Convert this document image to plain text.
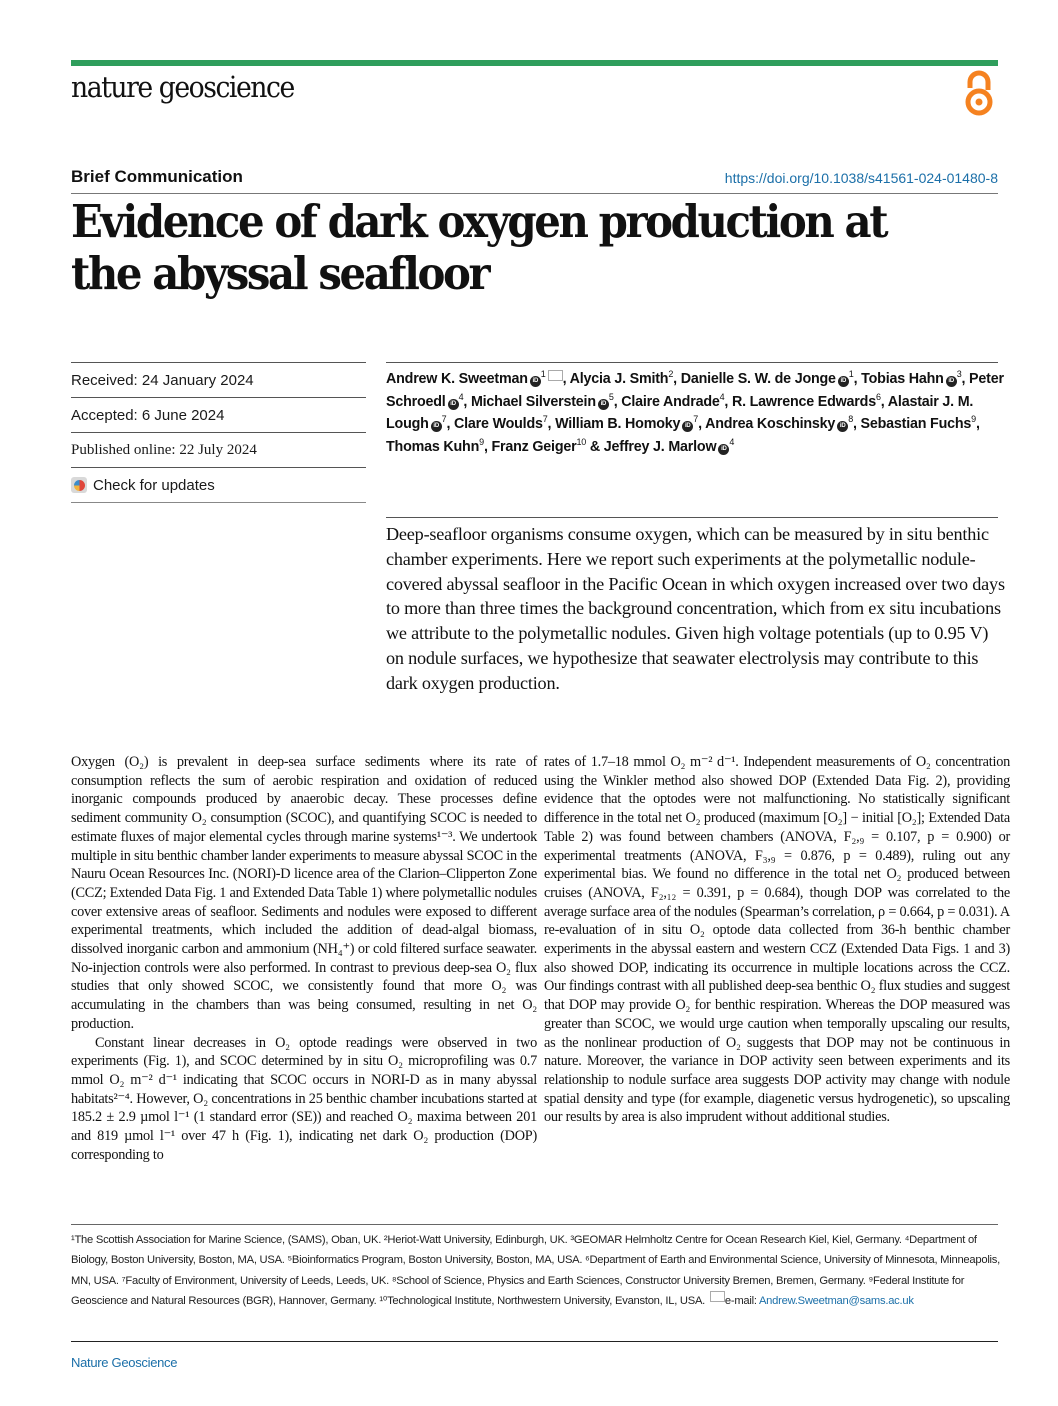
nature geoscience
Brief Communication	https://doi.org/10.1038/s41561-024-01480-8
Evidence of dark oxygen production at the abyssal seafloor
Received: 24 January 2024
Accepted: 6 June 2024
Published online: 22 July 2024
Check for updates
Andrew K. Sweetman $iD^1$ , Alycia J. Smith$^2$, Danielle S. W. de Jonge $iD^1$, Tobias Hahn $iD^3$, Peter Schroedl $iD^4$, Michael Silverstein $iD^5$, Claire Andrade$^4$, R. Lawrence Edwards$^6$, Alastair J. M. Lough $iD^7$, Clare Woulds$^7$, William B. Homoky $iD^7$, Andrea Koschinsky $iD^8$, Sebastian Fuchs$^9$, Thomas Kuhn$^9$, Franz Geiger$^{10}$ & Jeffrey J. Marlow $iD^4$
Deep-seafloor organisms consume oxygen, which can be measured by in situ benthic chamber experiments. Here we report such experiments at the polymetallic nodule-covered abyssal seafloor in the Pacific Ocean in which oxygen increased over two days to more than three times the background concentration, which from ex situ incubations we attribute to the polymetallic nodules. Given high voltage potentials (up to 0.95 V) on nodule surfaces, we hypothesize that seawater electrolysis may contribute to this dark oxygen production.

Oxygen (O₂) is prevalent in deep-sea surface sediments where its rate of consumption reflects the sum of aerobic respiration and oxidation of reduced inorganic compounds produced by anaerobic decay. These processes define sediment community O₂ consumption (SCOC), and quantifying SCOC is needed to estimate fluxes of major elemental cycles through marine systems¹⁻³. We undertook multiple in situ benthic chamber lander experiments to measure abyssal SCOC in the Nauru Ocean Resources Inc. (NORI)-D licence area of the Clarion–Clipperton Zone (CCZ; Extended Data Fig. 1 and Extended Data Table 1) where polymetallic nodules cover extensive areas of seafloor. Sediments and nodules were exposed to different experimental treatments, which included the addition of dead-algal biomass, dissolved inorganic carbon and ammonium (NH₄⁺) or cold filtered surface seawater. No-injection controls were also performed. In contrast to previous deep-sea O₂ flux studies that only showed SCOC, we consistently found that more O₂ was accumulating in the chambers than was being consumed, resulting in net O₂ production.

Constant linear decreases in O₂ optode readings were observed in two experiments (Fig. 1), and SCOC determined by in situ O₂ microprofiling was 0.7 mmol O₂ m⁻² d⁻¹ indicating that SCOC occurs in NORI-D as in many abyssal habitats²⁻⁴. However, O₂ concentrations in 25 benthic chamber incubations started at 185.2 ± 2.9 µmol l⁻¹ (1 standard error (SE)) and reached O₂ maxima between 201 and 819 µmol l⁻¹ over 47 h (Fig. 1), indicating net dark O₂ production (DOP) corresponding to

rates of 1.7–18 mmol O₂ m⁻² d⁻¹. Independent measurements of O₂ concentration using the Winkler method also showed DOP (Extended Data Fig. 2), providing evidence that the optodes were not malfunctioning. No statistically significant difference in the total net O₂ produced (maximum [O₂] − initial [O₂]; Extended Data Table 2) was found between chambers (ANOVA, F₂,₉ = 0.107, p = 0.900) or experimental treatments (ANOVA, F₃,₉ = 0.876, p = 0.489), ruling out any experimental bias. We found no difference in the total net O₂ produced between cruises (ANOVA, F₂,₁₂ = 0.391, p = 0.684), though DOP was correlated to the average surface area of the nodules (Spearman’s correlation, ρ = 0.664, p = 0.031). A re-evaluation of in situ O₂ optode data collected from 36-h benthic chamber experiments in the abyssal eastern and western CCZ (Extended Data Figs. 1 and 3) also showed DOP, indicating its occurrence in multiple locations across the CCZ. Our findings contrast with all published deep-sea benthic O₂ flux studies and suggest that DOP may provide O₂ for benthic respiration. Whereas the DOP measured was greater than SCOC, we would urge caution when temporally upscaling our results, as the nonlinear production of O₂ suggests that DOP may not be continuous in nature. Moreover, the variance in DOP activity seen between experiments and its relationship to nodule surface area suggests DOP activity may change with nodule spatial density and type (for example, diagenetic versus hydrogenetic), so upscaling our results by area is also imprudent without additional studies.

¹The Scottish Association for Marine Science, (SAMS), Oban, UK. ²Heriot-Watt University, Edinburgh, UK. ³GEOMAR Helmholtz Centre for Ocean Research Kiel, Kiel, Germany. ⁴Department of Biology, Boston University, Boston, MA, USA. ⁵Bioinformatics Program, Boston University, Boston, MA, USA. ⁶Department of Earth and Environmental Science, University of Minnesota, Minneapolis, MN, USA. ⁷Faculty of Environment, University of Leeds, Leeds, UK. ⁸School of Science, Physics and Earth Sciences, Constructor University Bremen, Bremen, Germany. ⁹Federal Institute for Geoscience and Natural Resources (BGR), Hannover, Germany. ¹⁰Technological Institute, Northwestern University, Evanston, IL, USA. e-mail: Andrew.Sweetman@sams.ac.uk
Nature Geoscience
